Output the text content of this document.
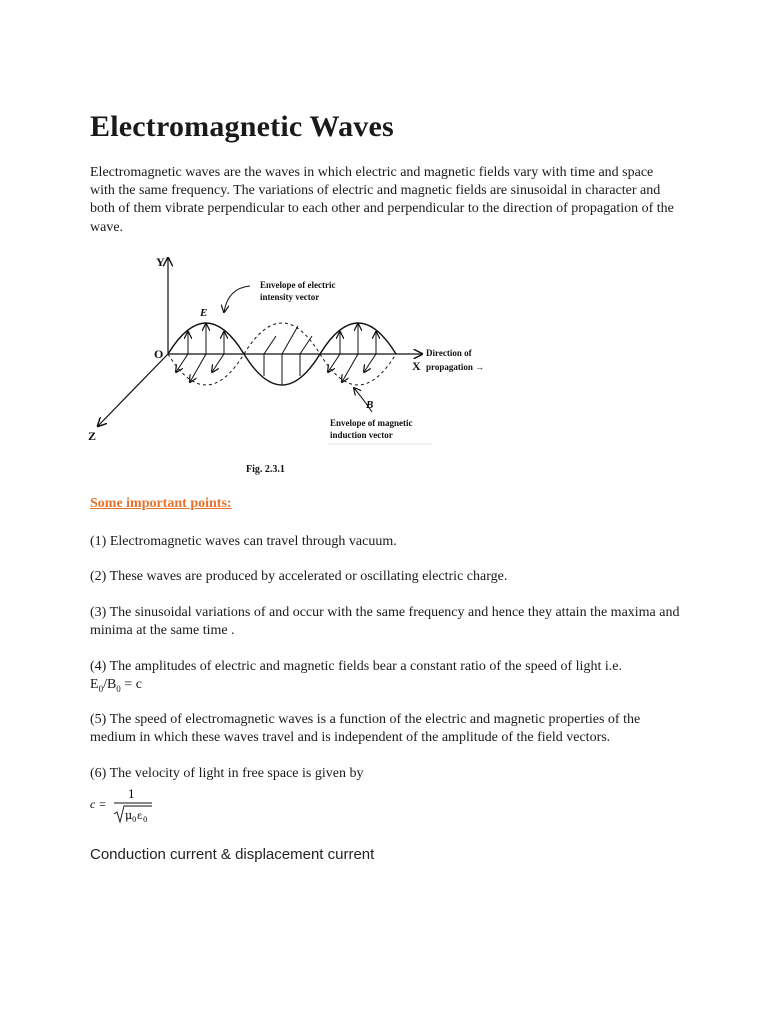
Electromagnetic Waves

Electromagnetic waves are the waves in which electric and magnetic fields vary with time and space with the same frequency. The variations of electric and magnetic fields are sinusoidal in character and both of them vibrate perpendicular to each other and perpendicular to the direction of propagation of the wave.

Y
O
X
Z
E
B
Envelope of electric
intensity vector
Direction of
propagation →
Envelope of magnetic
induction vector
Fig. 2.3.1

Some important points:

(1) Electromagnetic waves can travel through vacuum.

(2) These waves are produced by accelerated or oscillating electric charge.

(3) The sinusoidal variations of and occur with the same frequency and hence they attain the maxima and minima at the same time .

(4) The amplitudes of electric and magnetic fields bear a constant ratio of the speed of light i.e.
$E_0/B_0 = c$

(5) The speed of electromagnetic waves is a function of the electric and magnetic properties of the medium in which these waves travel and is independent of the amplitude of the field vectors.

(6) The velocity of light in free space is given by

c =
1
μ 0 ε 0

Conduction current & displacement current
